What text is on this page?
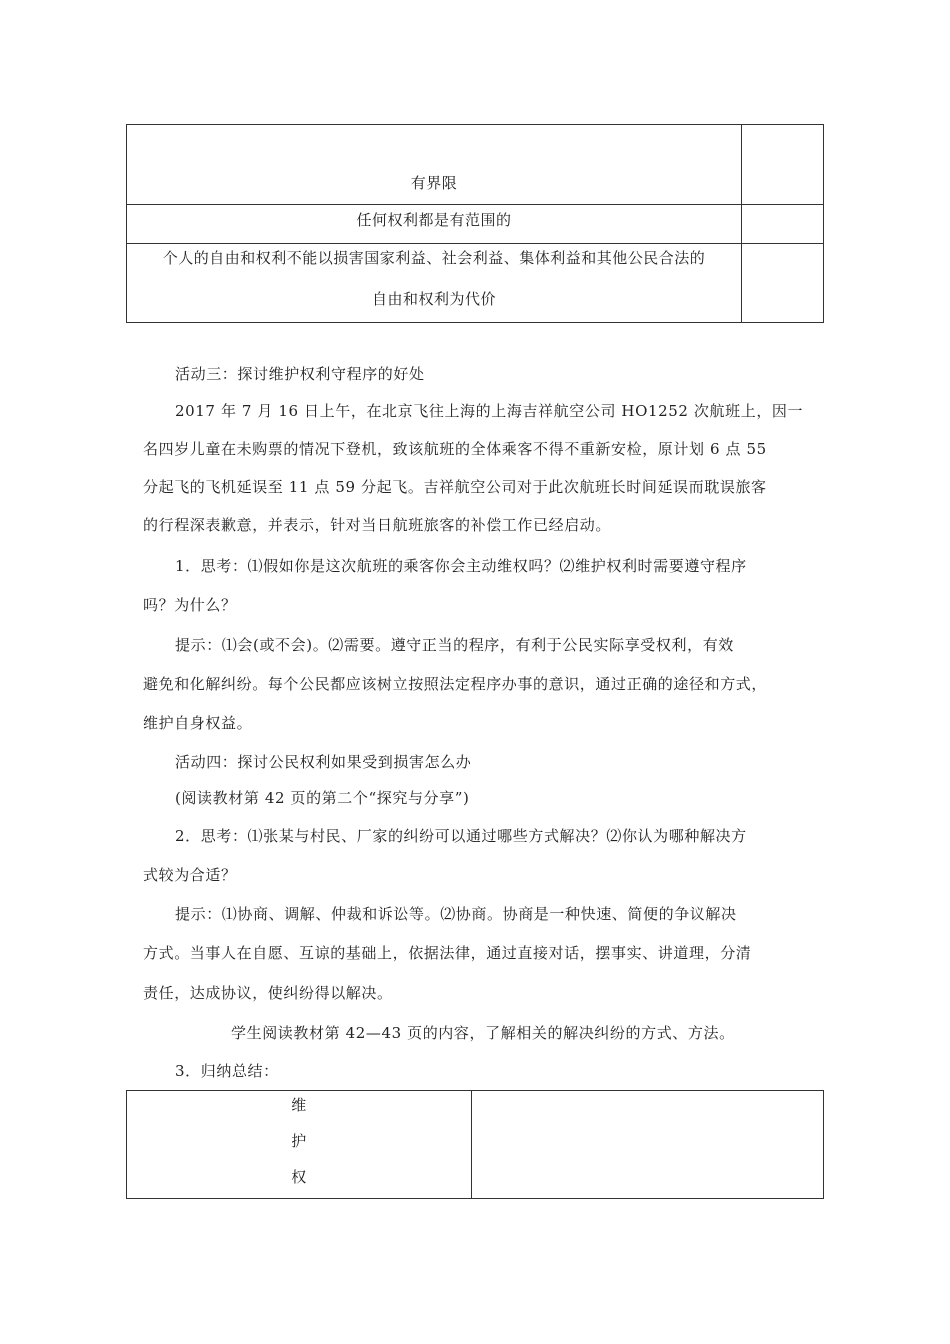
有界限
任何权利都是有范围的
个人的自由和权利不能以损害国家利益、社会利益、集体利益和其他公民合法的
自由和权利为代价
活动三：探讨维护权利守程序的好处
2017 年 7 月 16 日上午，在北京飞往上海的上海吉祥航空公司 HO1252 次航班上，因一
名四岁儿童在未购票的情况下登机，致该航班的全体乘客不得不重新安检，原计划 6 点 55
分起飞的飞机延误至 11 点 59 分起飞。吉祥航空公司对于此次航班长时间延误而耽误旅客
的行程深表歉意，并表示，针对当日航班旅客的补偿工作已经启动。
1．思考：⑴假如你是这次航班的乘客你会主动维权吗？⑵维护权利时需要遵守程序
吗？为什么？
提示：⑴会(或不会)。⑵需要。遵守正当的程序，有利于公民实际享受权利，有效
避免和化解纠纷。每个公民都应该树立按照法定程序办事的意识，通过正确的途径和方式，
维护自身权益。
活动四：探讨公民权利如果受到损害怎么办
(阅读教材第 42 页的第二个“探究与分享”)
2．思考：⑴张某与村民、厂家的纠纷可以通过哪些方式解决？⑵你认为哪种解决方
式较为合适？
提示：⑴协商、调解、仲裁和诉讼等。⑵协商。协商是一种快速、简便的争议解决
方式。当事人在自愿、互谅的基础上，依据法律，通过直接对话，摆事实、讲道理，分清
责任，达成协议，使纠纷得以解决。
学生阅读教材第 42—43 页的内容，了解相关的解决纠纷的方式、方法。
3．归纳总结：
维
护
权
